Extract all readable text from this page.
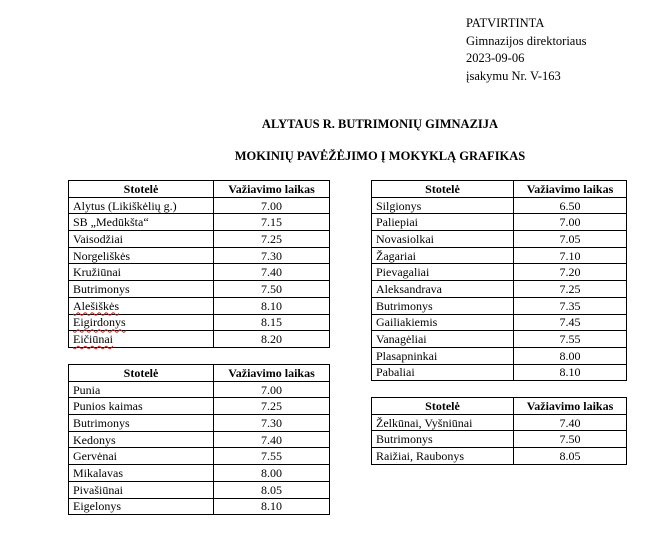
PATVIRTINTA
Gimnazijos direktoriaus
2023-09-06
įsakymu Nr. V-163
ALYTAUS R. BUTRIMONIŲ GIMNAZIJA
MOKINIŲ PAVĖŽĖJIMO Į MOKYKLĄ GRAFIKAS
Stotelė	Važiavimo laikas
Alytus (Likiškėlių g.)	7.00
SB „Medūkšta“	7.15
Vaisodžiai	7.25
Norgeliškės	7.30
Kružiūnai	7.40
Butrimonys	7.50
Alešiškės	8.10
Eigirdonys	8.15
Eičiūnai	8.20
Stotelė	Važiavimo laikas
Punia	7.00
Punios kaimas	7.25
Butrimonys	7.30
Kedonys	7.40
Gervėnai	7.55
Mikalavas	8.00
Pivašiūnai	8.05
Eigelonys	8.10
Stotelė	Važiavimo laikas
Silgionys	6.50
Paliepiai	7.00
Novasiolkai	7.05
Žagariai	7.10
Pievagaliai	7.20
Aleksandrava	7.25
Butrimonys	7.35
Gailiakiemis	7.45
Vanagėliai	7.55
Plasapninkai	8.00
Pabaliai	8.10
Stotelė	Važiavimo laikas
Želkūnai, Vyšniūnai	7.40
Butrimonys	7.50
Raižiai, Raubonys	8.05
